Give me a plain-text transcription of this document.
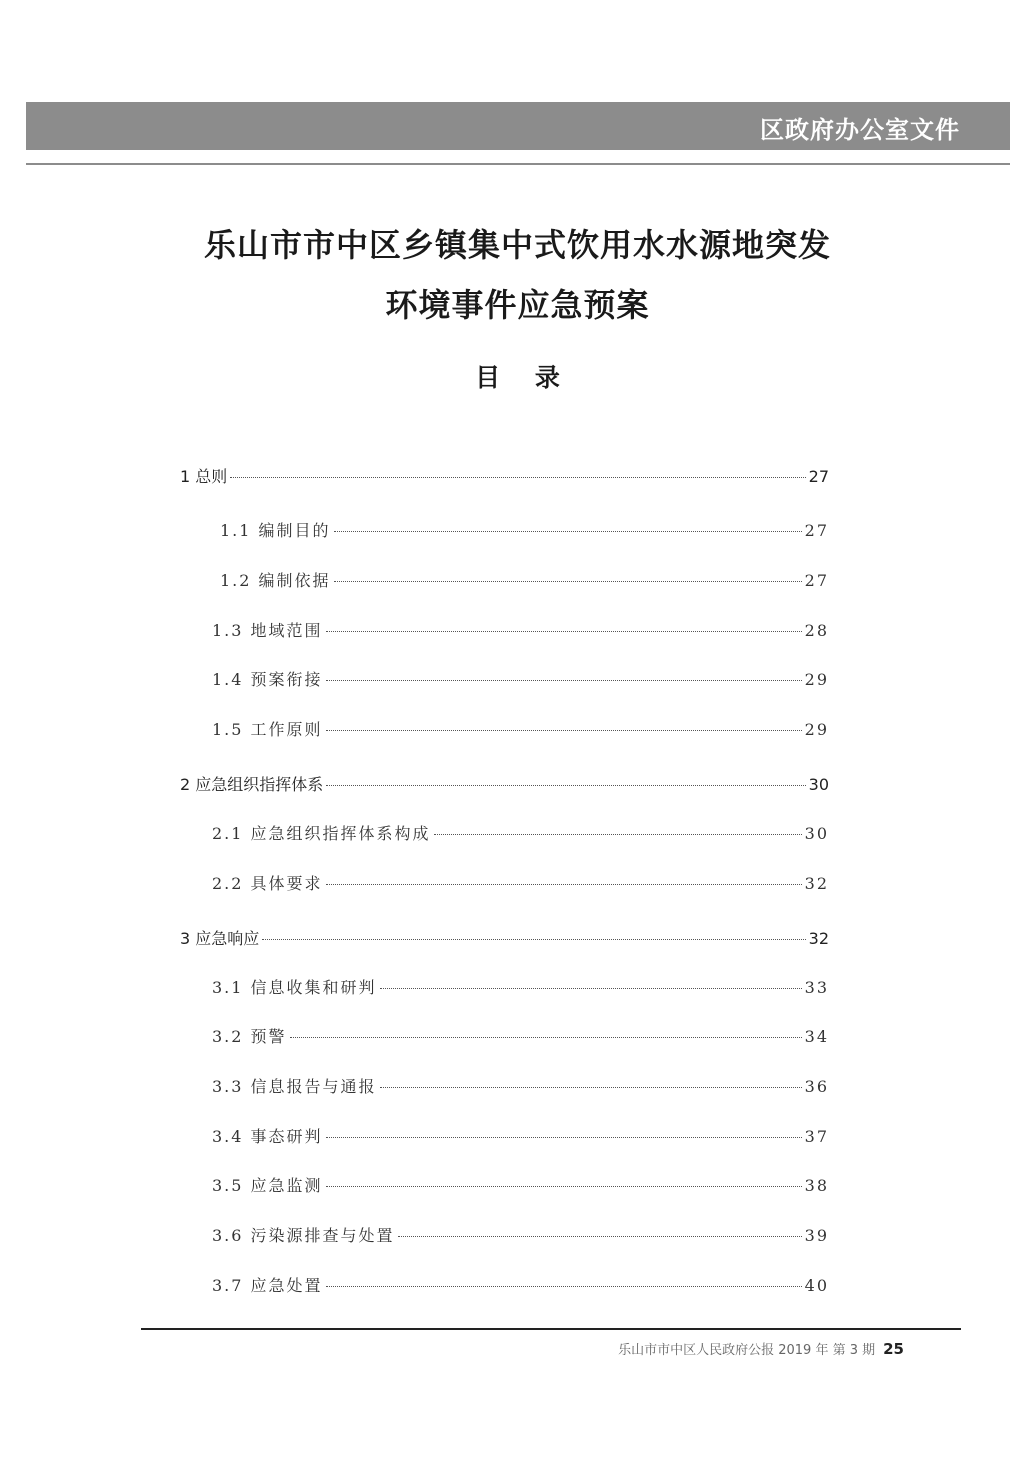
区政府办公室文件
乐山市市中区乡镇集中式饮用水水源地突发
环境事件应急预案
目 录
1 总则	27
1.1 编制目的	27
1.2 编制依据	27
1.3 地域范围	28
1.4 预案衔接	29
1.5 工作原则	29
2 应急组织指挥体系	30
2.1 应急组织指挥体系构成	30
2.2 具体要求	32
3 应急响应	32
3.1 信息收集和研判	33
3.2 预警	34
3.3 信息报告与通报	36
3.4 事态研判	37
3.5 应急监测	38
3.6 污染源排查与处置	39
3.7 应急处置	40
乐山市市中区人民政府公报 2019 年 第 3 期 25
